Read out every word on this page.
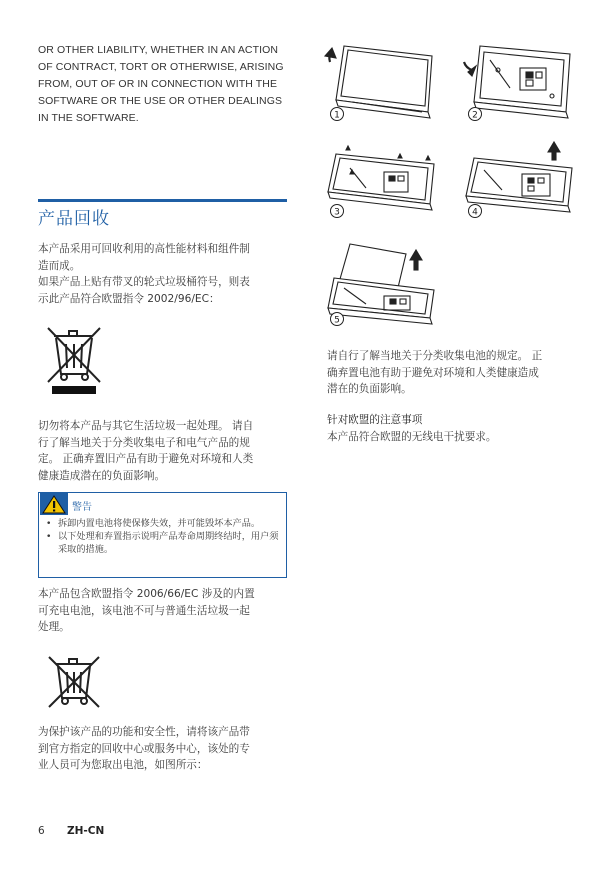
OR OTHER LIABILITY, WHETHER IN AN ACTION OF CONTRACT, TORT OR OTHERWISE, ARISING FROM, OUT OF OR IN CONNECTION WITH THE SOFTWARE OR THE USE OR OTHER DEALINGS IN THE SOFTWARE.
产品回收
本产品采用可回收利用的高性能材料和组件制
造而成。
如果产品上贴有带叉的轮式垃圾桶符号，则表
示此产品符合欧盟指令 2002/96/EC：
切勿将本产品与其它生活垃圾一起处理。 请自
行了解当地关于分类收集电子和电气产品的规
定。 正确弃置旧产品有助于避免对环境和人类
健康造成潜在的负面影响。
警告
• 拆卸内置电池将使保修失效，并可能毁坏本产品。
• 以下处理和弃置指示说明产品寿命周期终结时，用户须采取的措施。
本产品包含欧盟指令 2006/66/EC 涉及的内置
可充电电池，该电池不可与普通生活垃圾一起
处理。
为保护该产品的功能和安全性，请将该产品带
到官方指定的回收中心或服务中心，该处的专
业人员可为您取出电池，如图所示：
1	2
3	4
5
请自行了解当地关于分类收集电池的规定。 正
确弃置电池有助于避免对环境和人类健康造成
潜在的负面影响。
针对欧盟的注意事项
本产品符合欧盟的无线电干扰要求。
6 ZH-CN
